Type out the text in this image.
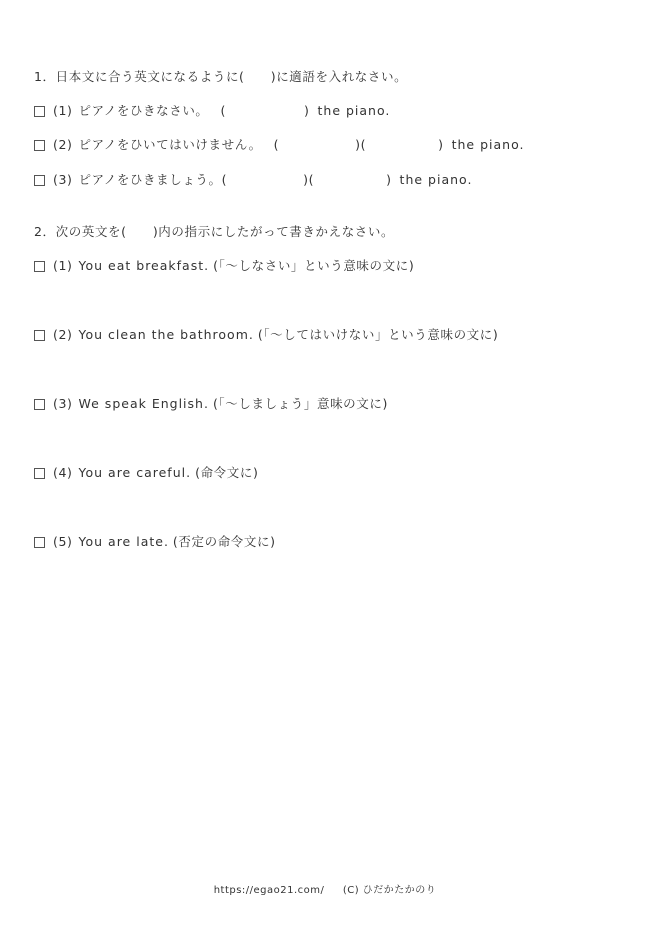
1．日本文に合う英文になるように(　　)に適語を入れなさい。
(1) ピアノをひきなさい。 (	) the piano.
(2) ピアノをひいてはいけません。 (	)(	) the piano.
(3) ピアノをひきましょう。(	)(	) the piano.
2．次の英文を(　　)内の指示にしたがって書きかえなさい。
(1) You eat breakfast. (「～しなさい」という意味の文に)
(2) You clean the bathroom. (「～してはいけない」という意味の文に)
(3) We speak English. (「～しましょう」意味の文に)
(4) You are careful. (命令文に)
(5) You are late. (否定の命令文に)
https://egao21.com/ (C) ひだかたかのり
